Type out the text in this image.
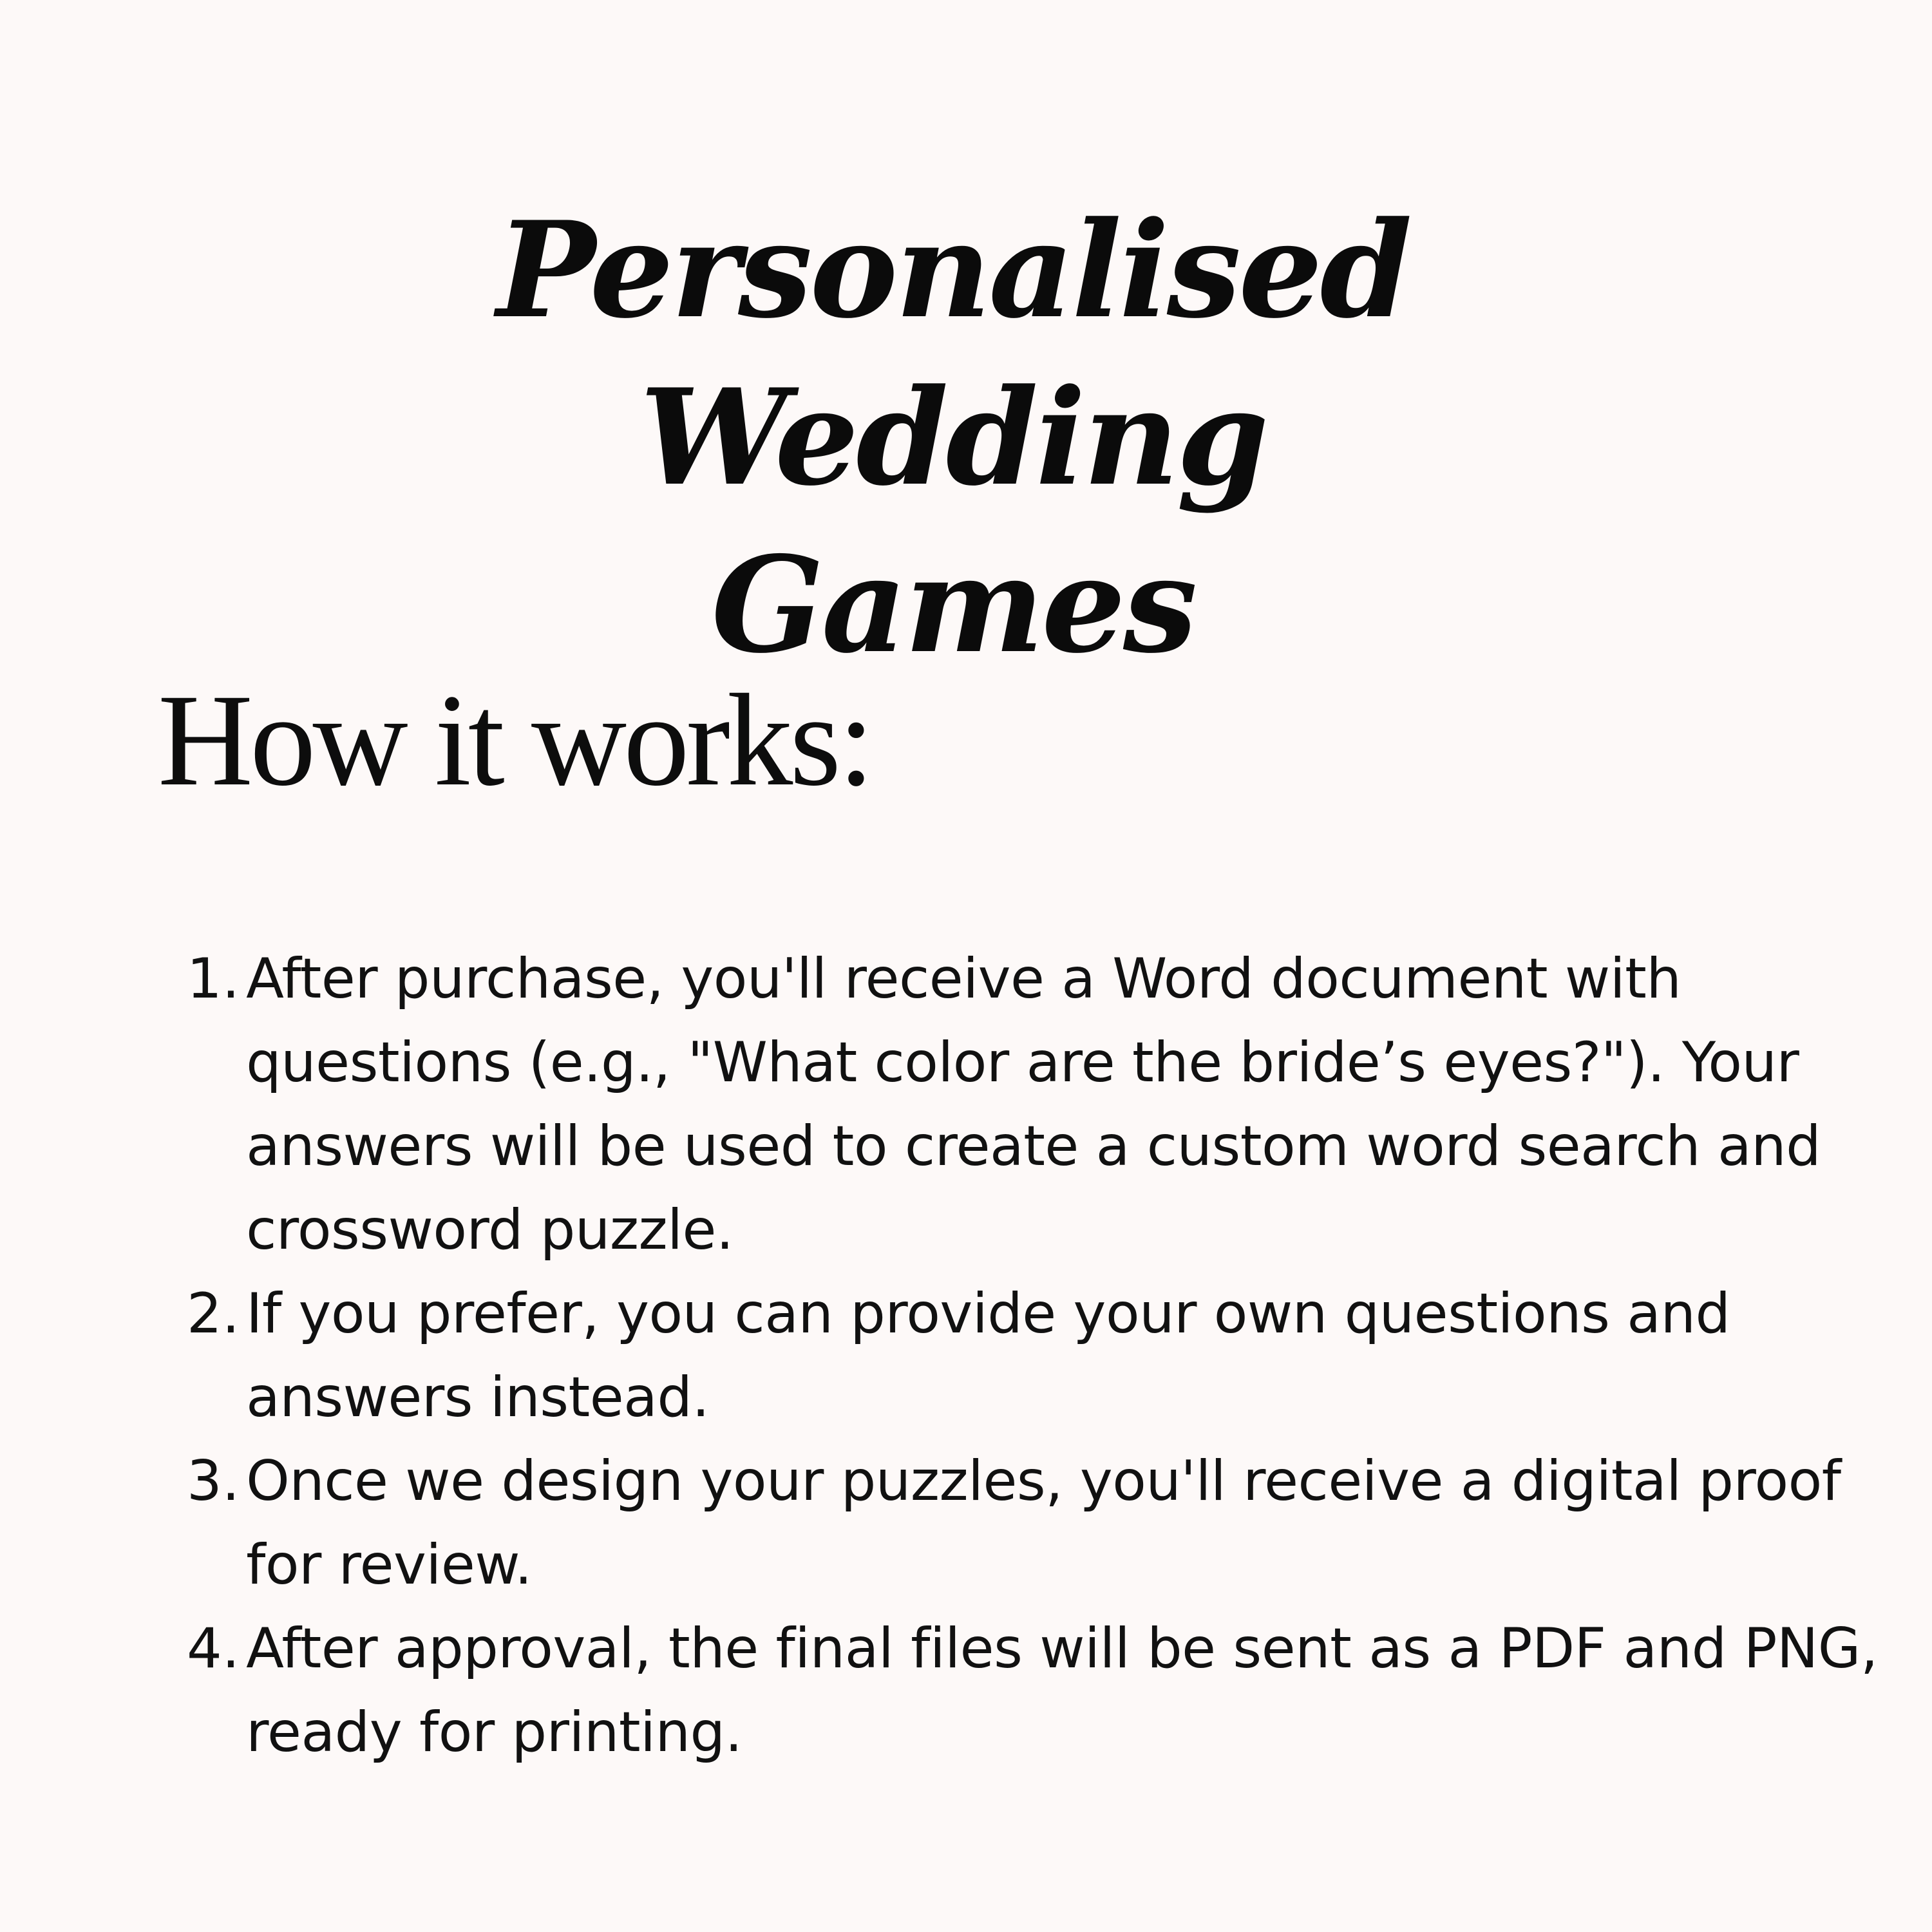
Personalised Wedding
Games
How it works:
1. After purchase, you'll receive a Word document with questions (e.g., "What color are the bride’s eyes?"). Your answers will be used to create a custom word search and crossword puzzle.
2. If you prefer, you can provide your own questions and answers instead.
3. Once we design your puzzles, you'll receive a digital proof for review.
4. After approval, the final files will be sent as a PDF and PNG, ready for printing.
